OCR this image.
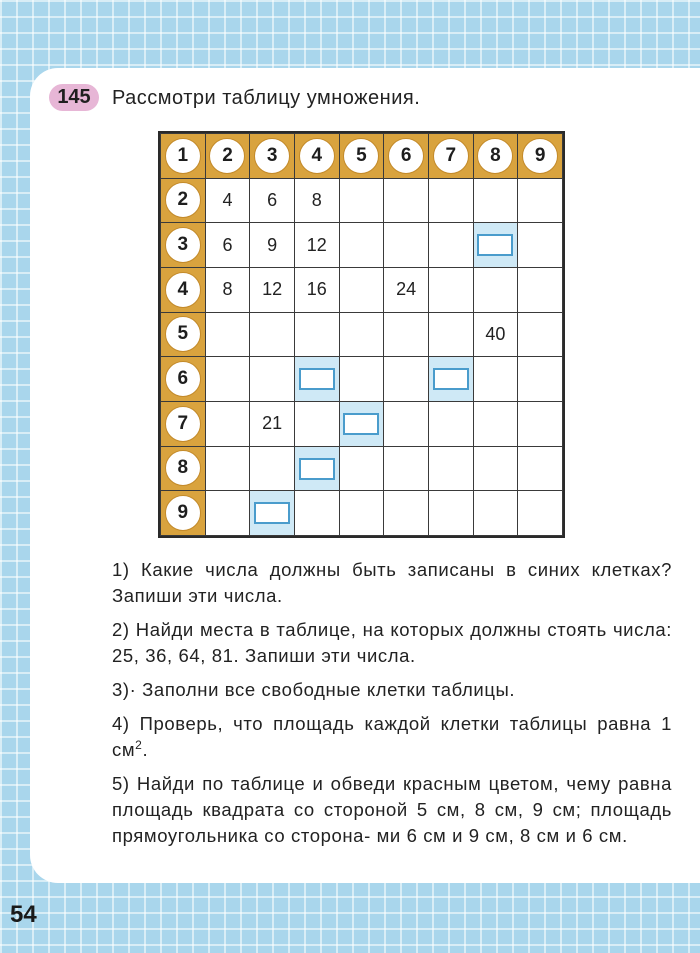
145	Рассмотри таблицу умножения.
1	2	3	4	5	6	7	8	9
2	4	6	8					
3	6	9	12					
4	8	12	16		24			
5							40	
6								
7		21						
8								
9								

1) Какие числа должны быть записаны в синих клетках? Запиши эти числа.

2) Найди места в таблице, на которых должны стоять числа: 25, 36, 64, 81. Запиши эти числа.

3)· Заполни все свободные клетки таблицы.

4) Проверь, что площадь каждой клетки таблицы равна 1 $см^2$.

5) Найди по таблице и обведи красным цветом, чему равна площадь квадрата со стороной 5 см, 8 см, 9 см; площадь прямоугольника со сторона- ми 6 см и 9 см, 8 см и 6 см.

54
